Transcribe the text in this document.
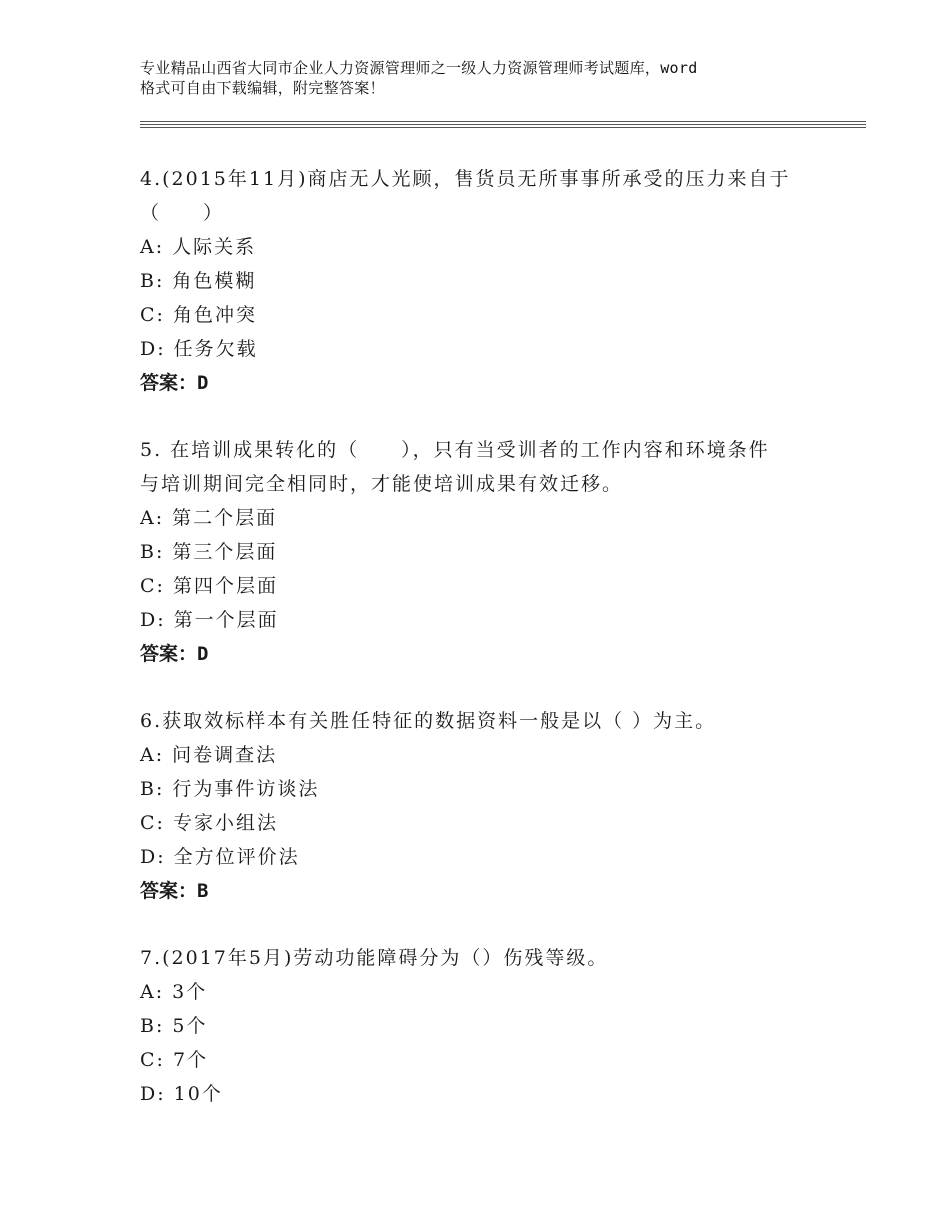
专业精品山西省大同市企业人力资源管理师之一级人力资源管理师考试题库，word
格式可自由下载编辑，附完整答案！
4.(2015年11月)商店无人光顾，售货员无所事事所承受的压力来自于
（　　）
A: 人际关系
B: 角色模糊
C: 角色冲突
D: 任务欠载
答案：D
5. 在培训成果转化的（　　），只有当受训者的工作内容和环境条件
与培训期间完全相同时，才能使培训成果有效迁移。
A: 第二个层面
B: 第三个层面
C: 第四个层面
D: 第一个层面
答案：D
6.获取效标样本有关胜任特征的数据资料一般是以（ ）为主。
A: 问卷调查法
B: 行为事件访谈法
C: 专家小组法
D: 全方位评价法
答案：B
7.(2017年5月)劳动功能障碍分为（）伤残等级。
A: 3个
B: 5个
C: 7个
D: 10个
